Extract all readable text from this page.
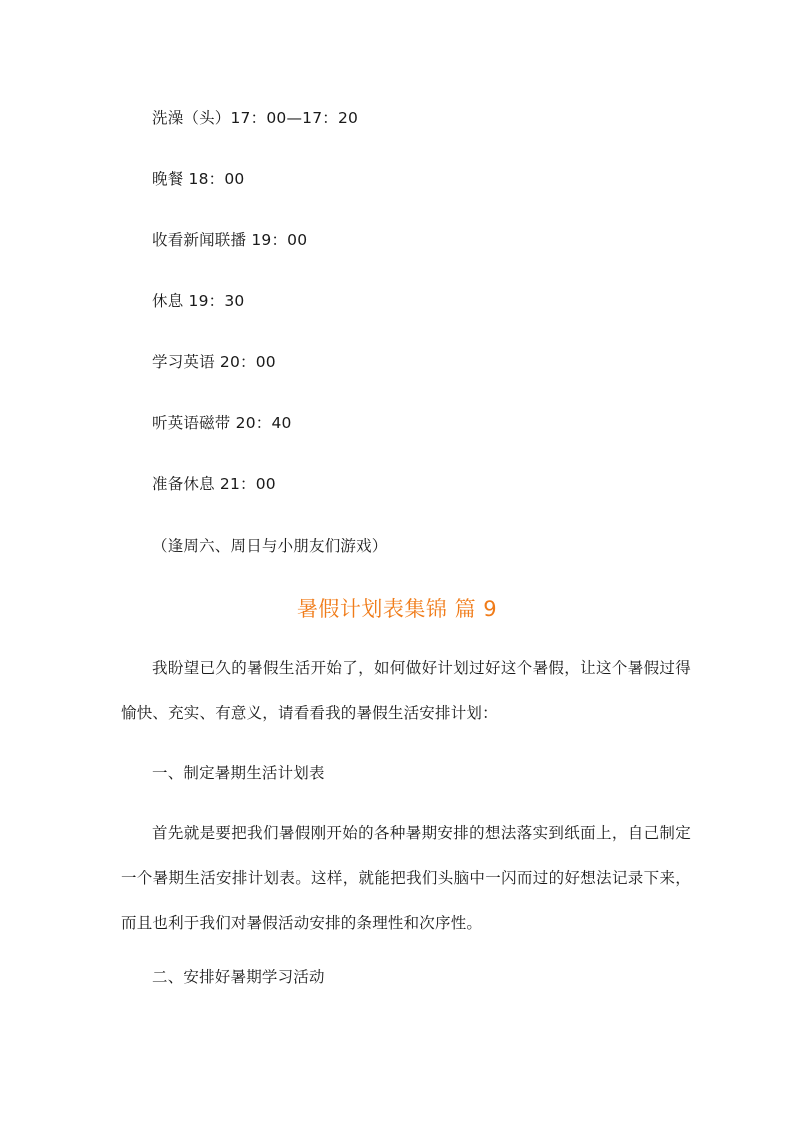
洗澡（头）17：00—17：20
晚餐 18：00
收看新闻联播 19：00
休息 19：30
学习英语 20：00
听英语磁带 20：40
准备休息 21：00
（逢周六、周日与小朋友们游戏）
暑假计划表集锦 篇 9
我盼望已久的暑假生活开始了，如何做好计划过好这个暑假，让这个暑假过得愉快、充实、有意义，请看看我的暑假生活安排计划：
一、制定暑期生活计划表
首先就是要把我们暑假刚开始的各种暑期安排的想法落实到纸面上，自己制定一个暑期生活安排计划表。这样，就能把我们头脑中一闪而过的好想法记录下来，而且也利于我们对暑假活动安排的条理性和次序性。
二、安排好暑期学习活动
